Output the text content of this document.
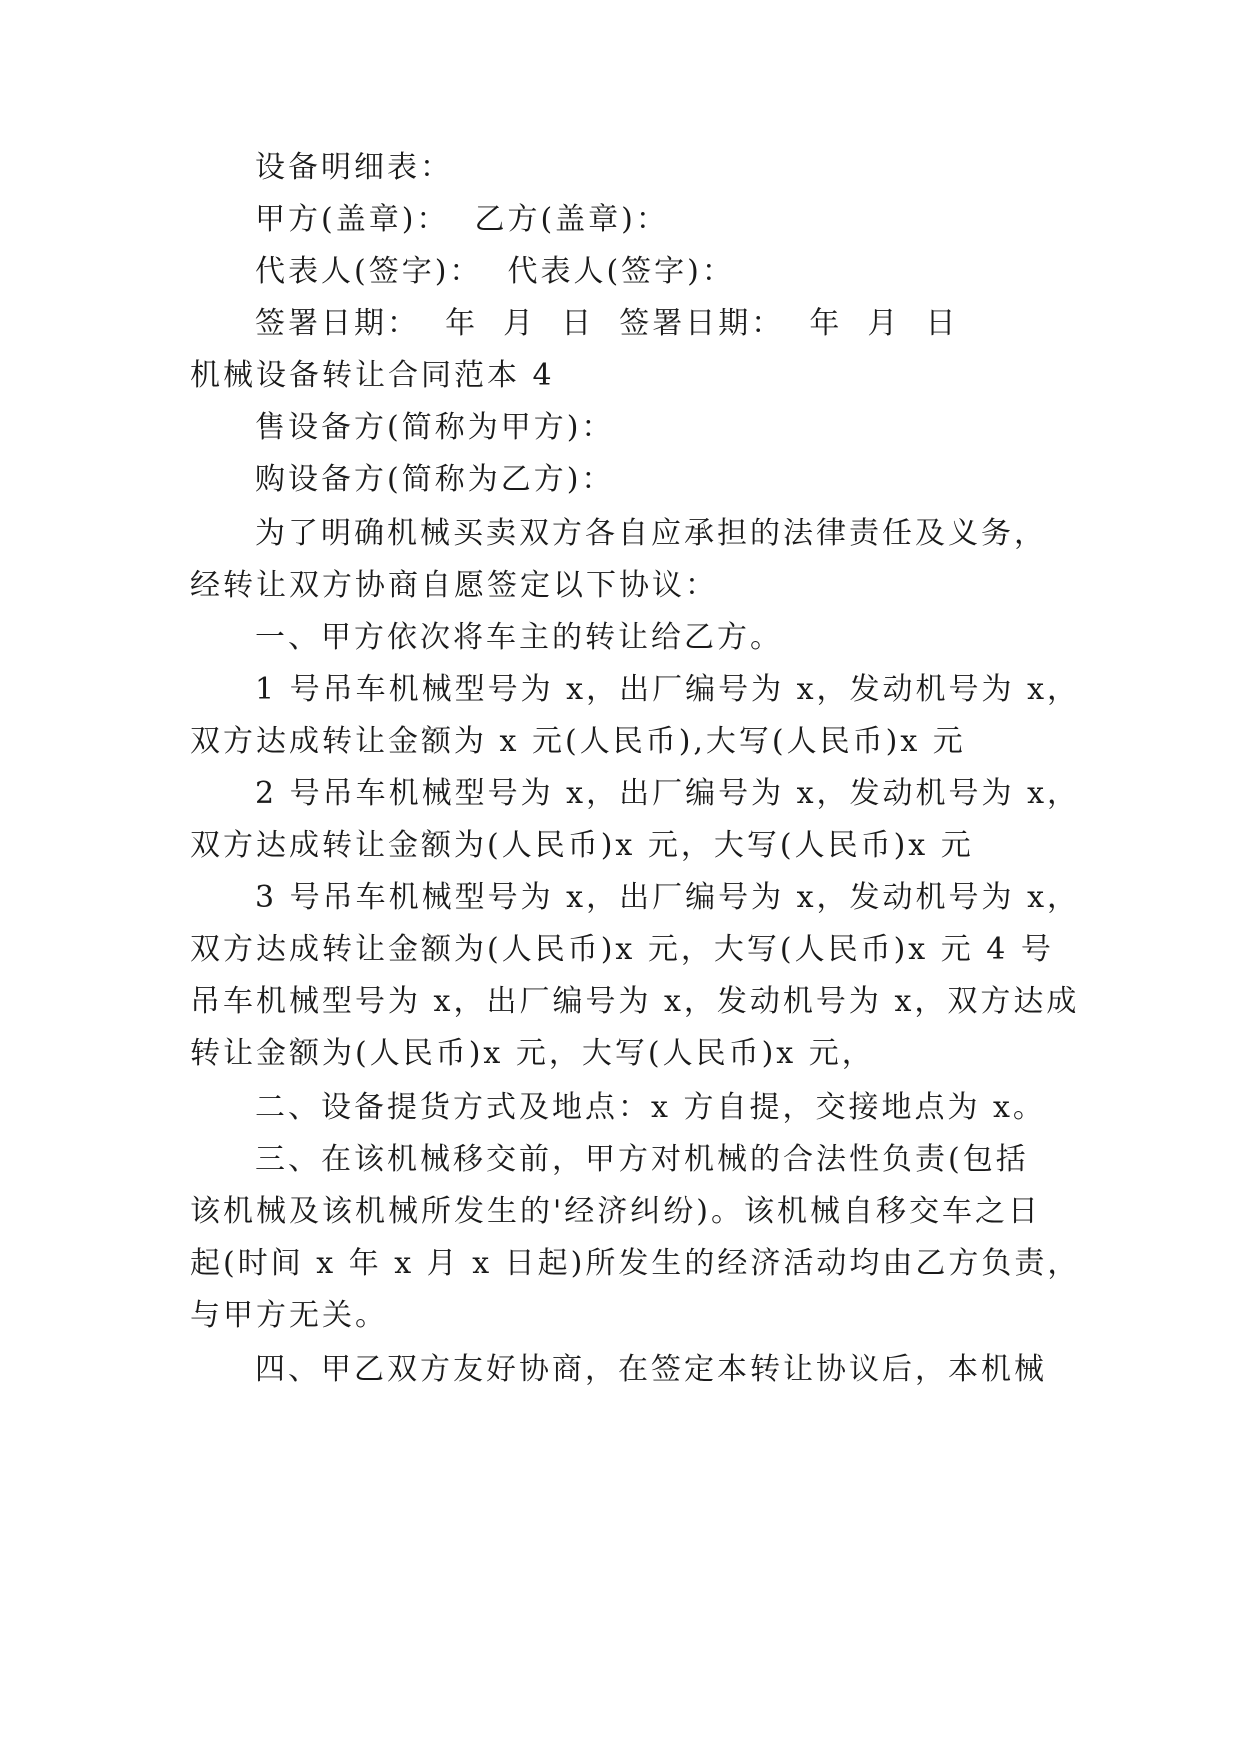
设备明细表：
甲方(盖章)：  乙方(盖章)：
代表人(签字)：  代表人(签字)：
签署日期：  年  月  日  签署日期：  年  月  日
机械设备转让合同范本 4
售设备方(简称为甲方)：
购设备方(简称为乙方)：
为了明确机械买卖双方各自应承担的法律责任及义务，
经转让双方协商自愿签定以下协议：
一、甲方依次将车主的转让给乙方。
1 号吊车机械型号为 x，出厂编号为 x，发动机号为 x，
双方达成转让金额为 x 元(人民币),大写(人民币)x 元
2 号吊车机械型号为 x，出厂编号为 x，发动机号为 x，
双方达成转让金额为(人民币)x 元，大写(人民币)x 元
3 号吊车机械型号为 x，出厂编号为 x，发动机号为 x，
双方达成转让金额为(人民币)x 元，大写(人民币)x 元 4 号
吊车机械型号为 x，出厂编号为 x，发动机号为 x，双方达成
转让金额为(人民币)x 元，大写(人民币)x 元，
二、设备提货方式及地点：x 方自提，交接地点为 x。
三、在该机械移交前，甲方对机械的合法性负责(包括
该机械及该机械所发生的'经济纠纷)。该机械自移交车之日
起(时间 x 年 x 月 x 日起)所发生的经济活动均由乙方负责，
与甲方无关。
四、甲乙双方友好协商，在签定本转让协议后，本机械
